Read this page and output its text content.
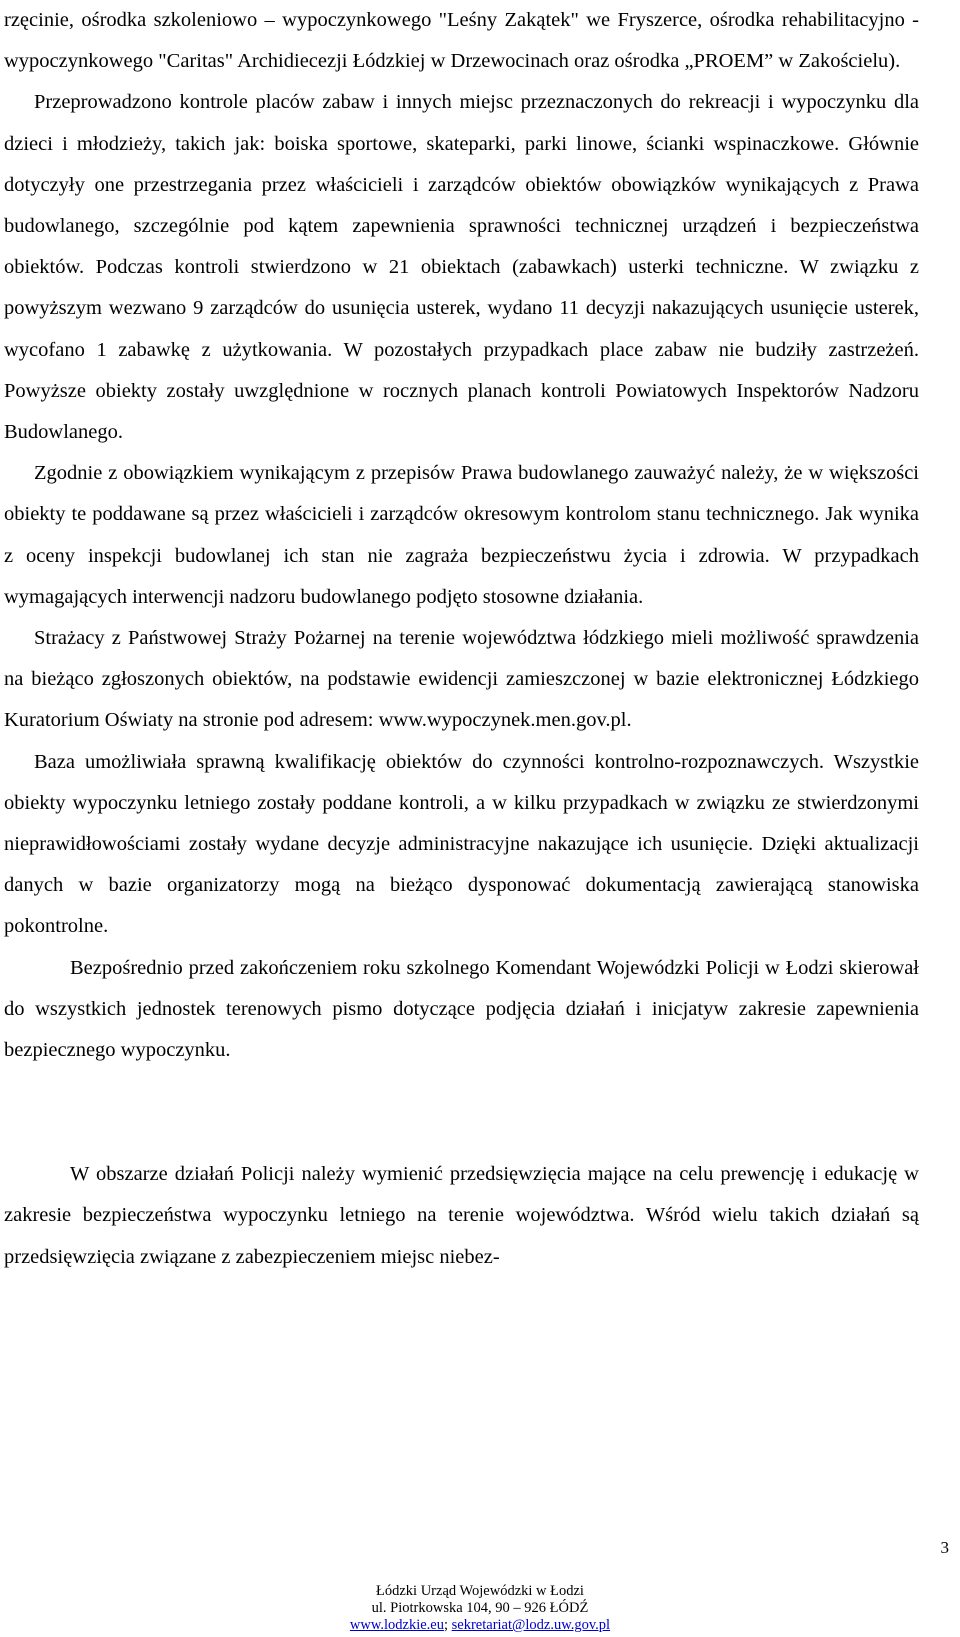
rzęcinie, ośrodka szkoleniowo – wypoczynkowego "Leśny Zakątek" we Fryszerce, ośrodka rehabilitacyjno - wypoczynkowego "Caritas" Archidiecezji Łódzkiej w Drzewocinach oraz ośrodka „PROEM” w Zakościelu).

Przeprowadzono kontrole placów zabaw i innych miejsc przeznaczonych do rekreacji i wypoczynku dla dzieci i młodzieży, takich jak: boiska sportowe, skateparki, parki linowe, ścianki wspinaczkowe. Głównie dotyczyły one przestrzegania przez właścicieli i zarządców obiektów obowiązków wynikających z Prawa budowlanego, szczególnie pod kątem zapewnienia sprawności technicznej urządzeń i bezpieczeństwa obiektów. Podczas kontroli stwierdzono w 21 obiektach (zabawkach) usterki techniczne. W związku z powyższym wezwano 9 zarządców do usunięcia usterek, wydano 11 decyzji nakazujących usunięcie usterek, wycofano 1 zabawkę z użytkowania. W pozostałych przypadkach place zabaw nie budziły zastrzeżeń. Powyższe obiekty zostały uwzględnione w rocznych planach kontroli Powiatowych Inspektorów Nadzoru Budowlanego.

Zgodnie z obowiązkiem wynikającym z przepisów Prawa budowlanego zauważyć należy, że w większości obiekty te poddawane są przez właścicieli i zarządców okresowym kontrolom stanu technicznego. Jak wynika z oceny inspekcji budowlanej ich stan nie zagraża bezpieczeństwu życia i zdrowia. W przypadkach wymagających interwencji nadzoru budowlanego podjęto stosowne działania.

Strażacy z Państwowej Straży Pożarnej na terenie województwa łódzkiego mieli możliwość sprawdzenia na bieżąco zgłoszonych obiektów, na podstawie ewidencji zamieszczonej w bazie elektronicznej Łódzkiego Kuratorium Oświaty na stronie pod adresem: www.wypoczynek.men.gov.pl.

Baza umożliwiała sprawną kwalifikację obiektów do czynności kontrolno-rozpoznawczych. Wszystkie obiekty wypoczynku letniego zostały poddane kontroli, a w kilku przypadkach w związku ze stwierdzonymi nieprawidłowościami zostały wydane decyzje administracyjne nakazujące ich usunięcie. Dzięki aktualizacji danych w bazie organizatorzy mogą na bieżąco dysponować dokumentacją zawierającą stanowiska pokontrolne.

Bezpośrednio przed zakończeniem roku szkolnego Komendant Wojewódzki Policji w Łodzi skierował do wszystkich jednostek terenowych pismo dotyczące podjęcia działań i inicjatyw zakresie zapewnienia bezpiecznego wypoczynku.

W obszarze działań Policji należy wymienić przedsięwzięcia mające na celu prewencję i edukację w zakresie bezpieczeństwa wypoczynku letniego na terenie województwa. Wśród wielu takich działań są przedsięwzięcia związane z zabezpieczeniem miejsc niebez-

3
Łódzki Urząd Wojewódzki w Łodzi
ul. Piotrkowska 104, 90 – 926 ŁÓDŹ
www.lodzkie.eu; sekretariat@lodz.uw.gov.pl
